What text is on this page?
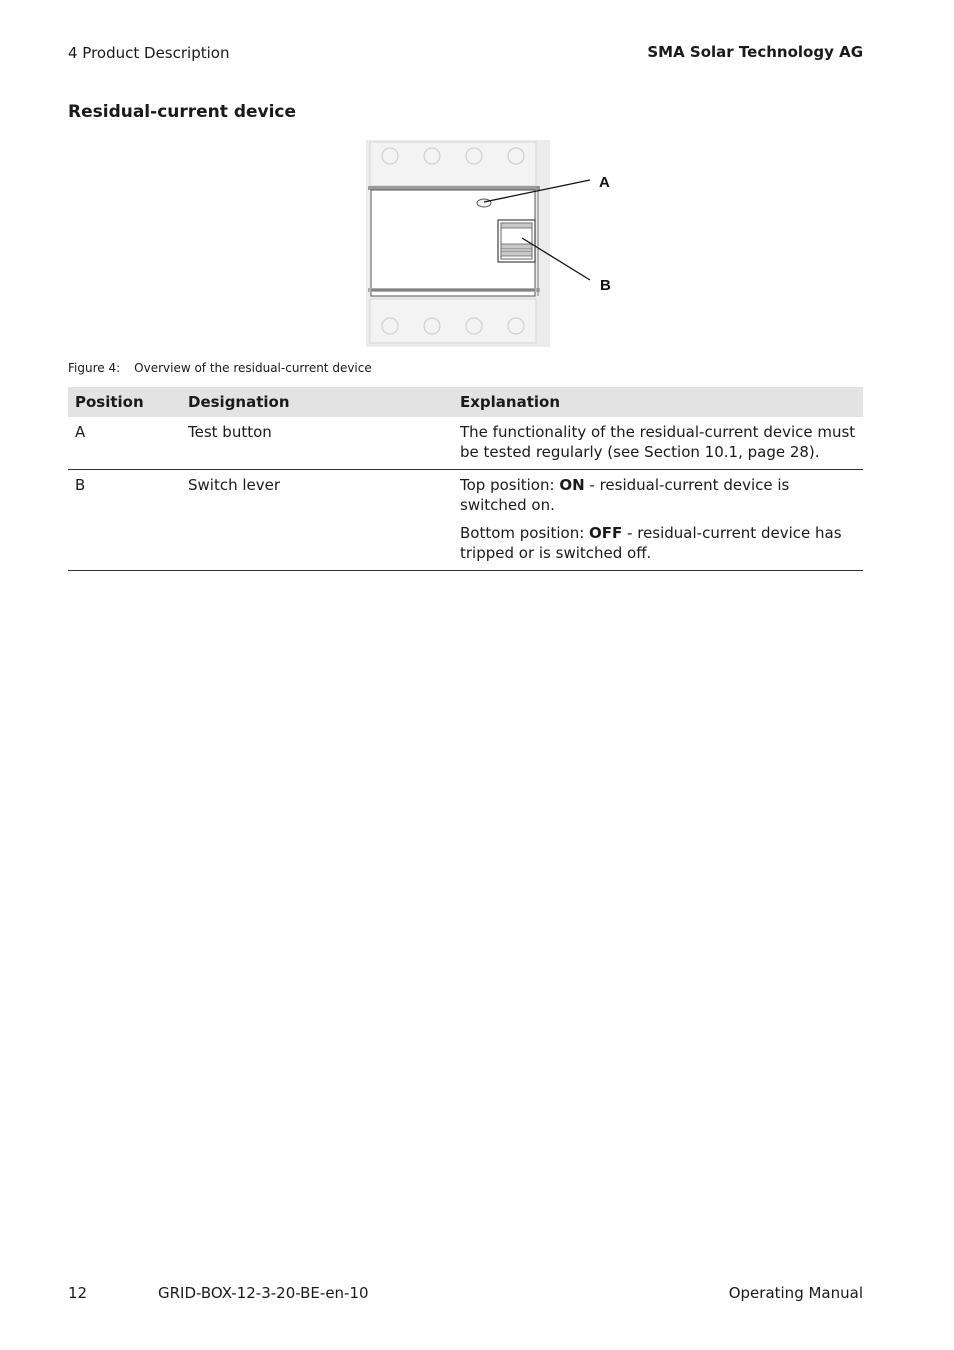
4 Product Description	SMA Solar Technology AG
Residual-current device
A
B
Figure 4: Overview of the residual-current device
Position	Designation	Explanation
A	Test button	The functionality of the residual-current device must be tested regularly (see Section 10.1, page 28).
B	Switch lever	Top position: ON - residual-current device is switched on.
Bottom position: OFF - residual-current device has tripped or is switched off.
12	GRID-BOX-12-3-20-BE-en-10	Operating Manual
